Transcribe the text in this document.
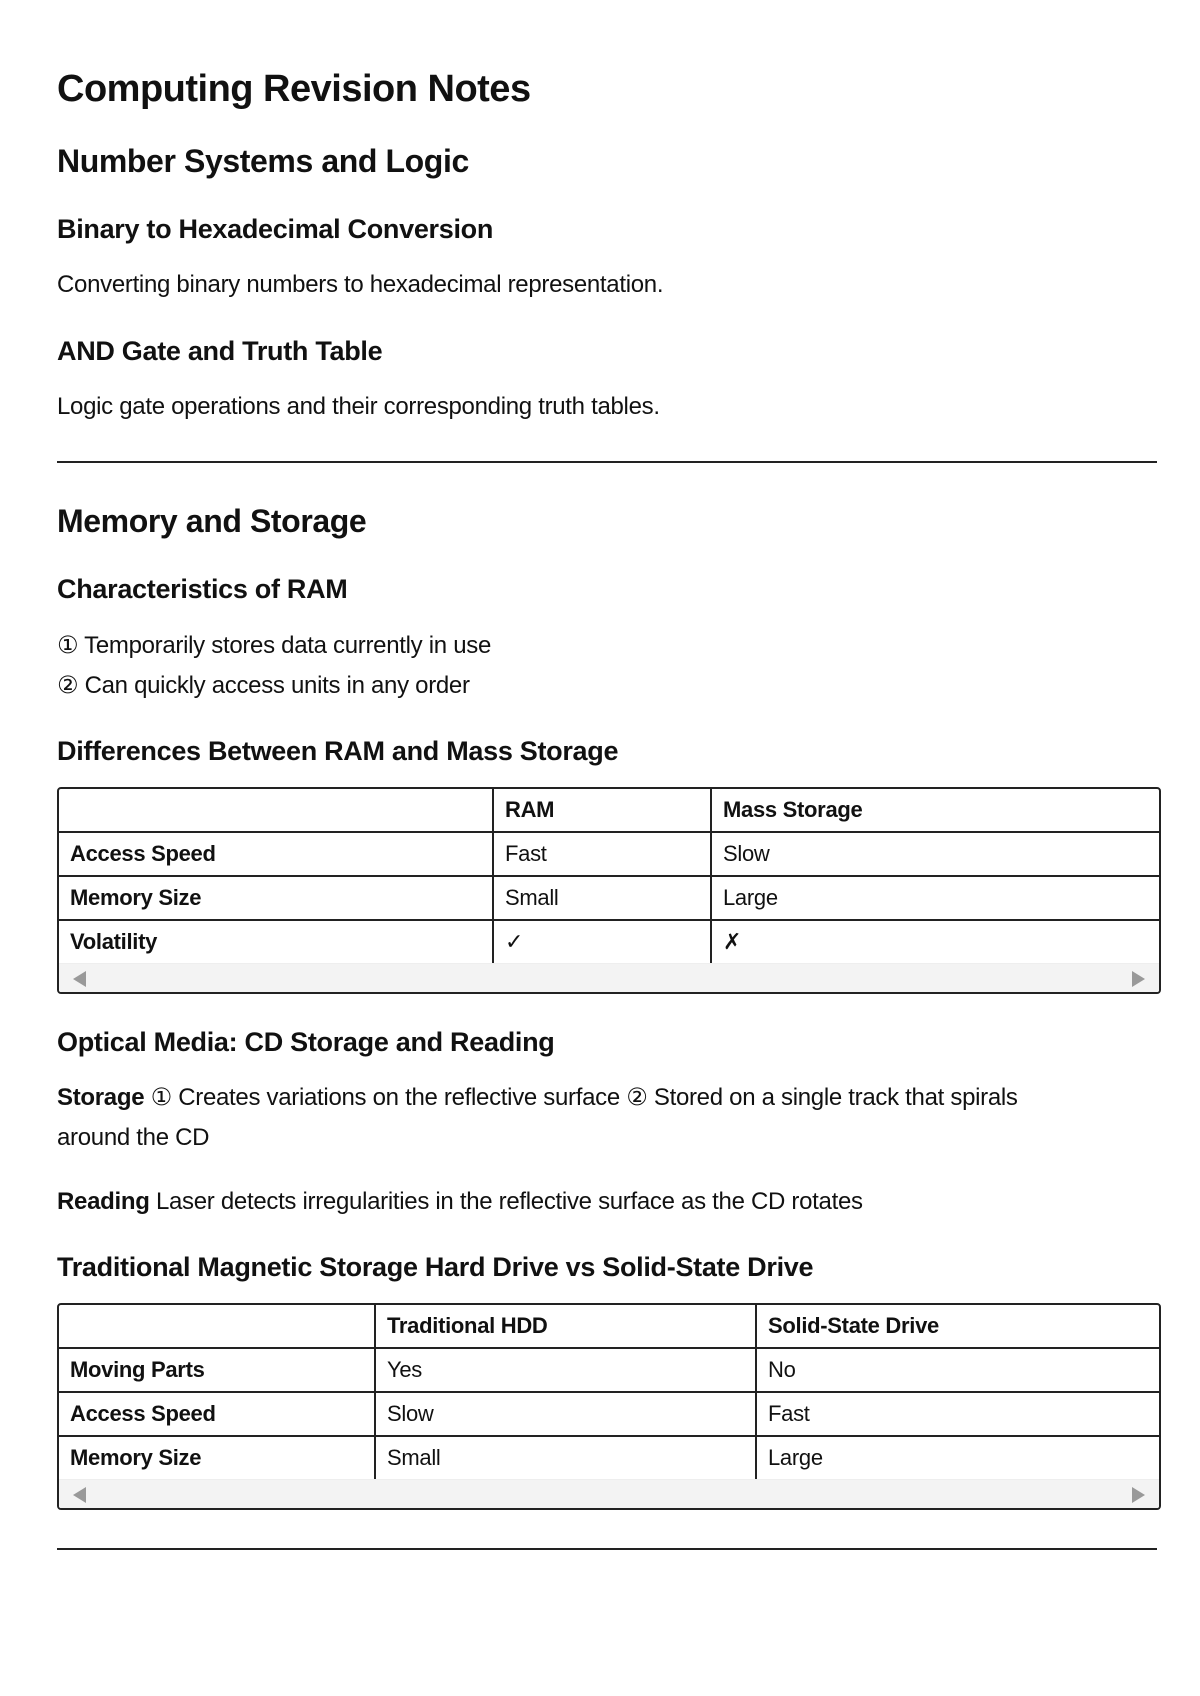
Computing Revision Notes
Number Systems and Logic
Binary to Hexadecimal Conversion
Converting binary numbers to hexadecimal representation.
AND Gate and Truth Table
Logic gate operations and their corresponding truth tables.
Memory and Storage
Characteristics of RAM
① Temporarily stores data currently in use
② Can quickly access units in any order
Differences Between RAM and Mass Storage
	RAM	Mass Storage
Access Speed	Fast	Slow
Memory Size	Small	Large
Volatility	✓	✗
Optical Media: CD Storage and Reading
Storage ① Creates variations on the reflective surface ② Stored on a single track that spirals
around the CD
Reading Laser detects irregularities in the reflective surface as the CD rotates
Traditional Magnetic Storage Hard Drive vs Solid-State Drive
	Traditional HDD	Solid-State Drive
Moving Parts	Yes	No
Access Speed	Slow	Fast
Memory Size	Small	Large
